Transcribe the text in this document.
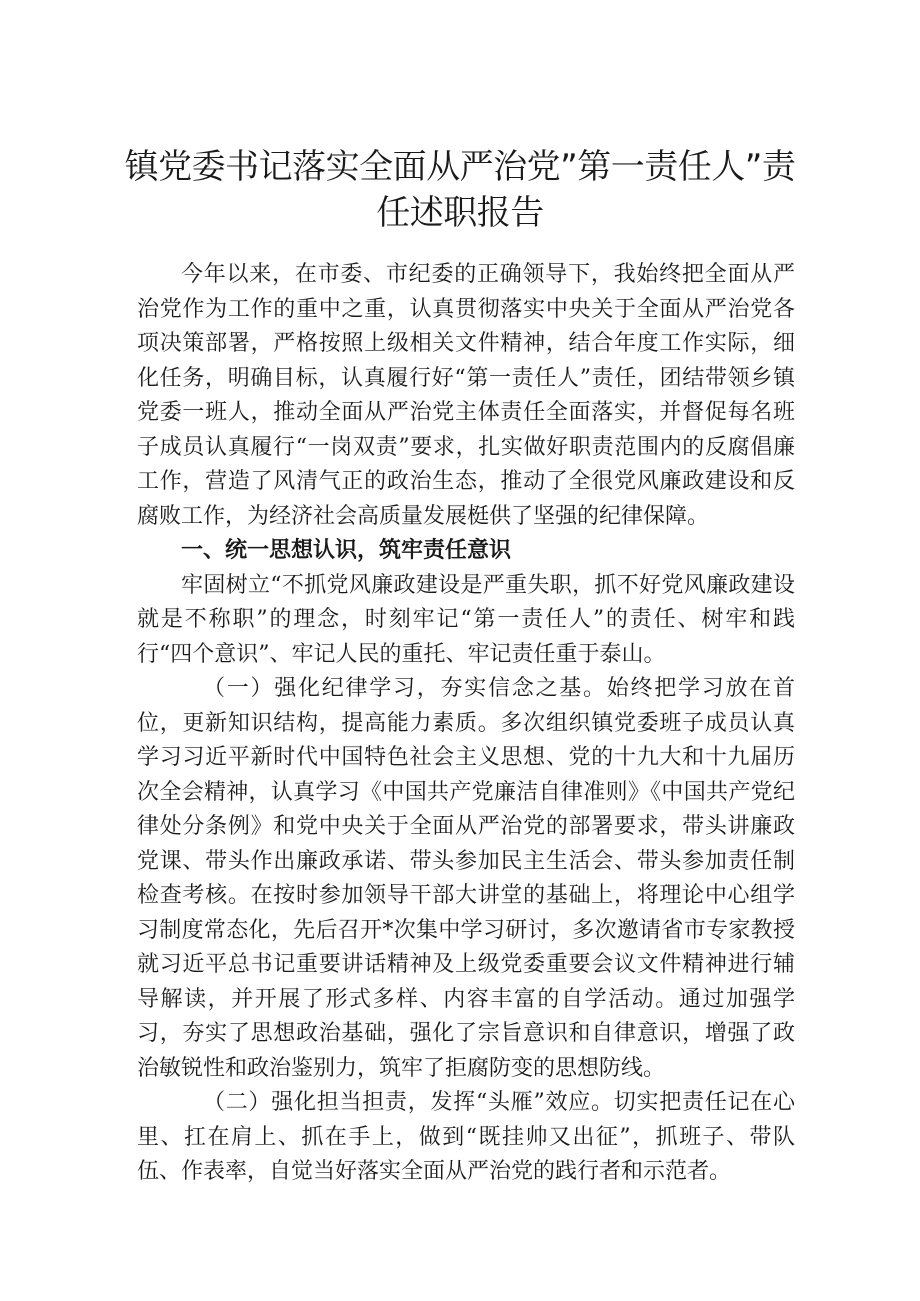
镇党委书记落实全面从严治党”第一责任人”责任述职报告

今年以来，在市委、市纪委的正确领导下，我始终把全面从严治党作为工作的重中之重，认真贯彻落实中央关于全面从严治党各项决策部署，严格按照上级相关文件精神，结合年度工作实际，细化任务，明确目标，认真履行好“第一责任人”责任，团结带领乡镇党委一班人，推动全面从严治党主体责任全面落实，并督促每名班子成员认真履行“一岗双责”要求，扎实做好职责范围内的反腐倡廉工作，营造了风清气正的政治生态，推动了全很党风廉政建设和反腐败工作，为经济社会高质量发展梃供了坚强的纪律保障。

一、统一思想认识，筑牢责任意识

牢固树立“不抓党风廉政建设是严重失职，抓不好党风廉政建设就是不称职”的理念，时刻牢记“第一责任人”的责任、树牢和践行“四个意识”、牢记人民的重托、牢记责任重于泰山。

（一）强化纪律学习，夯实信念之基。始终把学习放在首位，更新知识结构，提高能力素质。多次组织镇党委班子成员认真学习习近平新时代中国特色社会主义思想、党的十九大和十九届历次全会精神，认真学习《中国共产党廉洁自律准则》《中国共产党纪律处分条例》和党中央关于全面从严治党的部署要求，带头讲廉政党课、带头作出廉政承诺、带头参加民主生活会、带头参加责任制检查考核。在按时参加领导干部大讲堂的基础上，将理论中心组学习制度常态化，先后召开*次集中学习研讨，多次邀请省市专家教授就习近平总书记重要讲话精神及上级党委重要会议文件精神进行辅导解读，并开展了形式多样、内容丰富的自学活动。通过加强学习，夯实了思想政治基础，强化了宗旨意识和自律意识，增强了政治敏锐性和政治鉴别力，筑牢了拒腐防变的思想防线。

（二）强化担当担责，发挥“头雁”效应。切实把责任记在心里、扛在肩上、抓在手上，做到“既挂帅又出征”，抓班子、带队伍、作表率，自觉当好落实全面从严治党的践行者和示范者。
